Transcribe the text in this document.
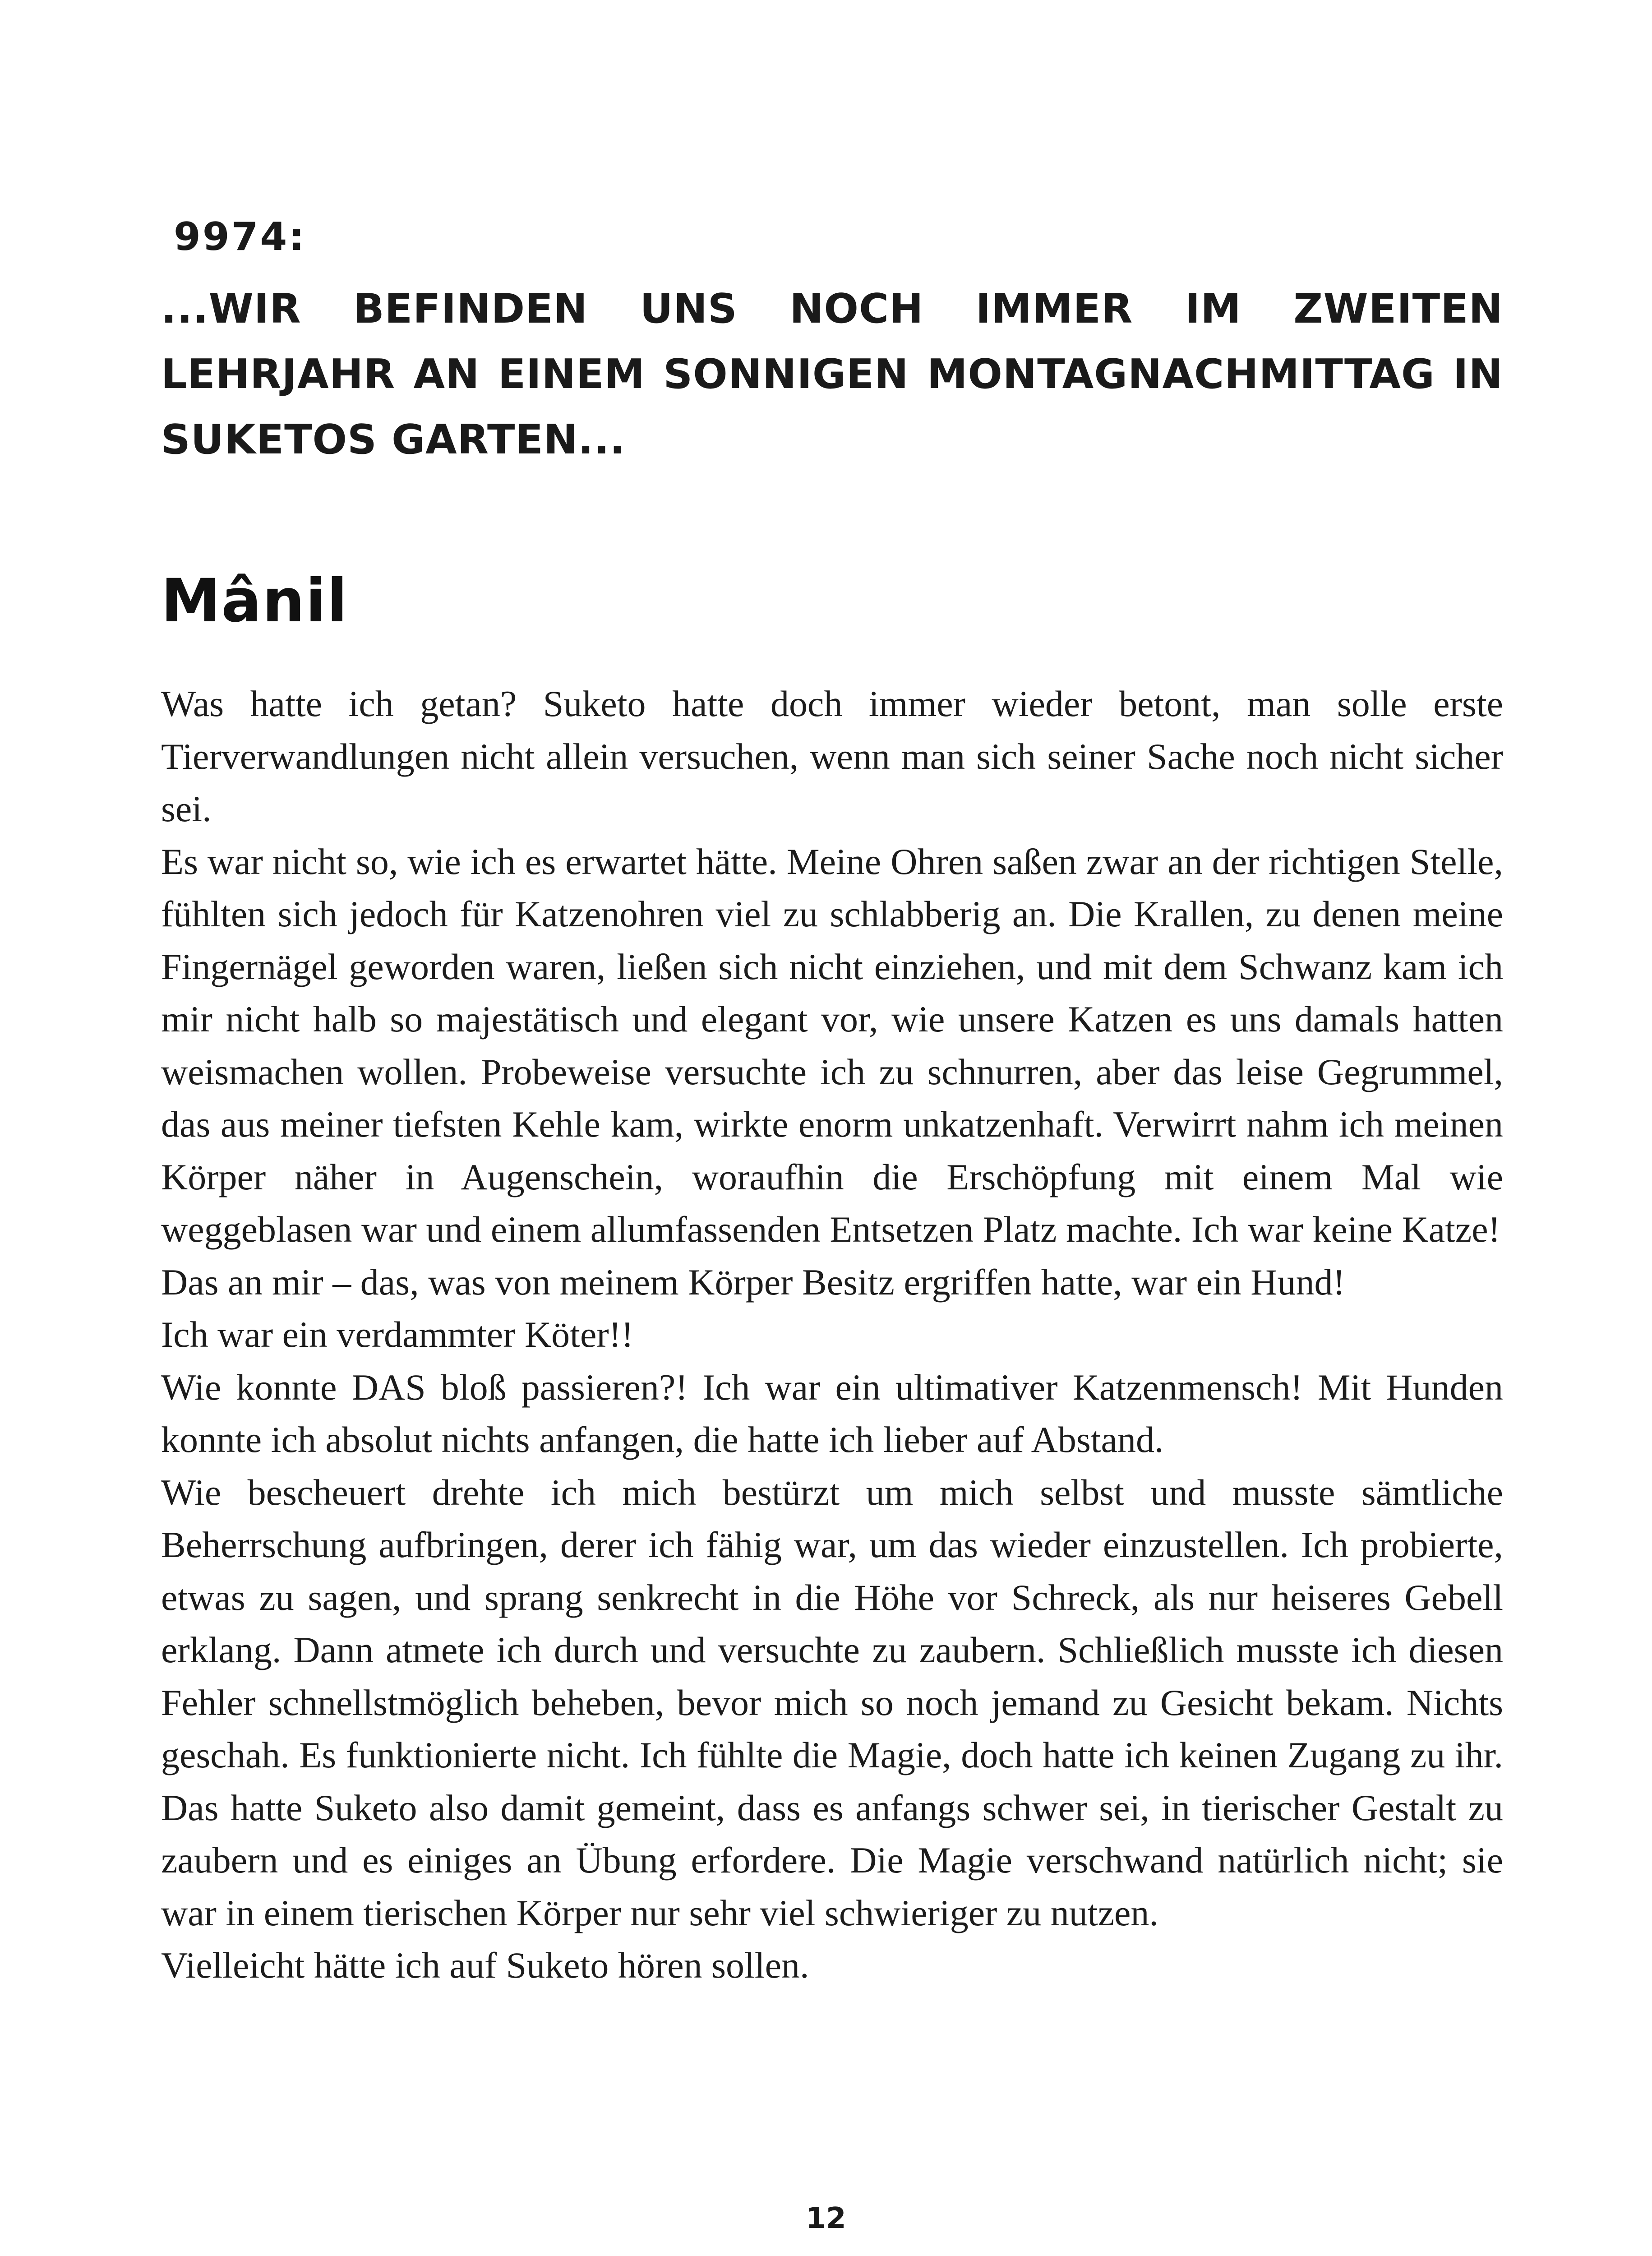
9974:

...WIR BEFINDEN UNS NOCH IMMER IM ZWEITEN LEHRJAHR AN EINEM SONNIGEN MONTAGNACHMITTAG IN SUKETOS GARTEN...

Mânil

Was hatte ich getan? Suketo hatte doch immer wieder betont, man solle erste Tierverwandlungen nicht allein versuchen, wenn man sich seiner Sache noch nicht sicher sei.

Es war nicht so, wie ich es erwartet hätte. Meine Ohren saßen zwar an der richtigen Stelle, fühlten sich jedoch für Katzenohren viel zu schlabberig an. Die Krallen, zu denen meine Fingernägel geworden waren, ließen sich nicht einziehen, und mit dem Schwanz kam ich mir nicht halb so majestätisch und elegant vor, wie unsere Katzen es uns damals hatten weismachen wollen. Probeweise versuchte ich zu schnurren, aber das leise Gegrummel, das aus meiner tiefsten Kehle kam, wirkte enorm unkatzenhaft. Verwirrt nahm ich meinen Körper näher in Augenschein, woraufhin die Erschöpfung mit einem Mal wie weggeblasen war und einem allumfassenden Entsetzen Platz machte. Ich war keine Katze!

Das an mir – das, was von meinem Körper Besitz ergriffen hatte, war ein Hund!

Ich war ein verdammter Köter!!

Wie konnte DAS bloß passieren?! Ich war ein ultimativer Katzenmensch! Mit Hunden konnte ich absolut nichts anfangen, die hatte ich lieber auf Abstand.

Wie bescheuert drehte ich mich bestürzt um mich selbst und musste sämtliche Beherrschung aufbringen, derer ich fähig war, um das wieder einzustellen. Ich probierte, etwas zu sagen, und sprang senkrecht in die Höhe vor Schreck, als nur heiseres Gebell erklang. Dann atmete ich durch und versuchte zu zaubern. Schließlich musste ich diesen Fehler schnellstmöglich beheben, bevor mich so noch jemand zu Gesicht bekam. Nichts geschah. Es funktionierte nicht. Ich fühlte die Magie, doch hatte ich keinen Zugang zu ihr. Das hatte Suketo also damit gemeint, dass es anfangs schwer sei, in tierischer Gestalt zu zaubern und es einiges an Übung erfordere. Die Magie verschwand natürlich nicht; sie war in einem tierischen Körper nur sehr viel schwieriger zu nutzen.

Vielleicht hätte ich auf Suketo hören sollen.

12
